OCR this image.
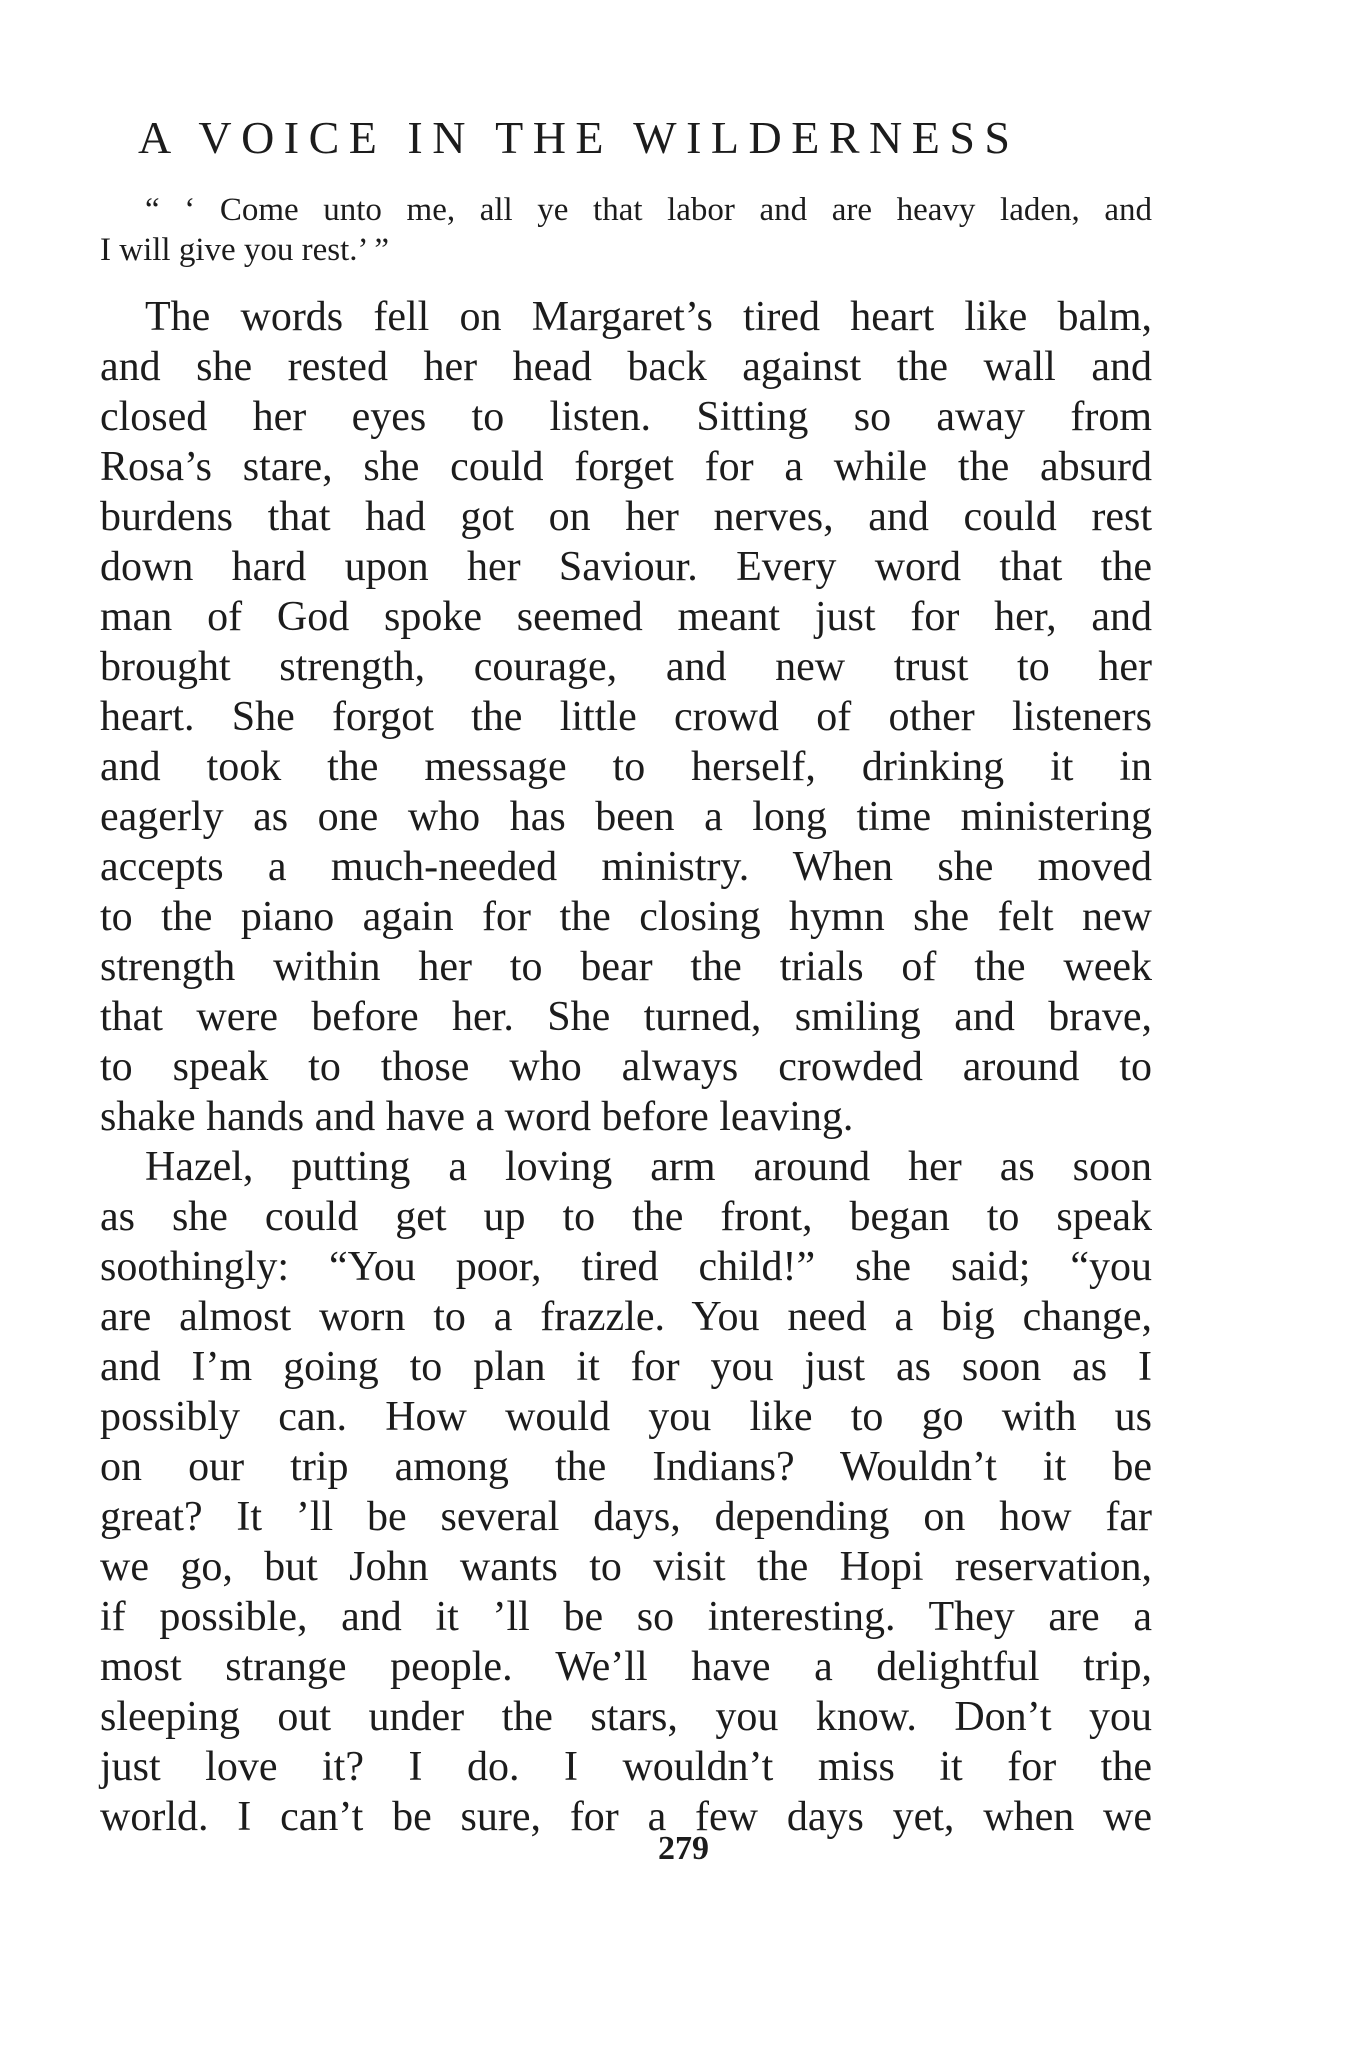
A VOICE IN THE WILDERNESS
“ ‘ Come unto me, all ye that labor and are heavy laden, and
I will give you rest.’ ”
The words fell on Margaret’s tired heart like balm,
and she rested her head back against the wall and
closed her eyes to listen. Sitting so away from
Rosa’s stare, she could forget for a while the absurd
burdens that had got on her nerves, and could rest
down hard upon her Saviour. Every word that the
man of God spoke seemed meant just for her, and
brought strength, courage, and new trust to her
heart. She forgot the little crowd of other listeners
and took the message to herself, drinking it in
eagerly as one who has been a long time ministering
accepts a much-needed ministry. When she moved
to the piano again for the closing hymn she felt new
strength within her to bear the trials of the week
that were before her. She turned, smiling and brave,
to speak to those who always crowded around to
shake hands and have a word before leaving.
Hazel, putting a loving arm around her as soon
as she could get up to the front, began to speak
soothingly: “You poor, tired child!” she said; “you
are almost worn to a frazzle. You need a big change,
and I’m going to plan it for you just as soon as I
possibly can. How would you like to go with us
on our trip among the Indians? Wouldn’t it be
great? It ’ll be several days, depending on how far
we go, but John wants to visit the Hopi reservation,
if possible, and it ’ll be so interesting. They are a
most strange people. We’ll have a delightful trip,
sleeping out under the stars, you know. Don’t you
just love it? I do. I wouldn’t miss it for the
world. I can’t be sure, for a few days yet, when we
279
